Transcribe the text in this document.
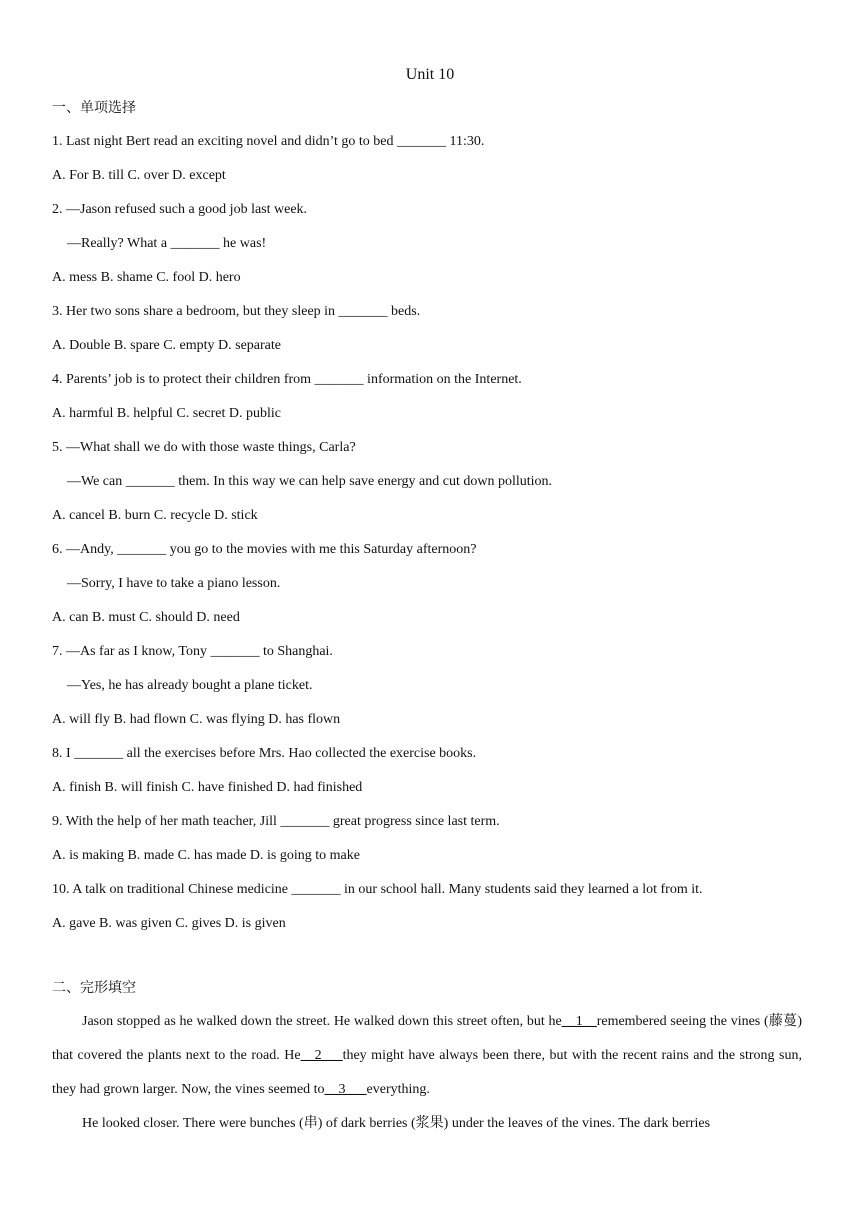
Unit 10
一、单项选择
1. Last night Bert read an exciting novel and didn’t go to bed _______ 11:30.
A. For B. till C. over D. except
2. —Jason refused such a good job last week.
—Really? What a _______ he was!
A. mess B. shame C. fool D. hero
3. Her two sons share a bedroom, but they sleep in _______ beds.
A. Double B. spare C. empty D. separate
4. Parents’ job is to protect their children from _______ information on the Internet.
A. harmful B. helpful C. secret D. public
5. —What shall we do with those waste things, Carla?
—We can _______ them. In this way we can help save energy and cut down pollution.
A. cancel B. burn C. recycle D. stick
6. —Andy, _______ you go to the movies with me this Saturday afternoon?
—Sorry, I have to take a piano lesson.
A. can B. must C. should D. need
7. —As far as I know, Tony _______ to Shanghai.
—Yes, he has already bought a plane ticket.
A. will fly B. had flown C. was flying D. has flown
8. I _______ all the exercises before Mrs. Hao collected the exercise books.
A. finish B. will finish C. have finished D. had finished
9. With the help of her math teacher, Jill _______ great progress since last term.
A. is making B. made C. has made D. is going to make
10. A talk on traditional Chinese medicine _______ in our school hall. Many students said they learned a lot from it.
A. gave B. was given C. gives D. is given
二、完形填空

Jason stopped as he walked down the street. He walked down this street often, but he__1__remembered seeing the vines (藤蔓) that covered the plants next to the road. He__2___they might have always been there, but with the recent rains and the strong sun, they had grown larger. Now, the vines seemed to__3___everything.

He looked closer. There were bunches (串) of dark berries (浆果) under the leaves of the vines. The dark berries
